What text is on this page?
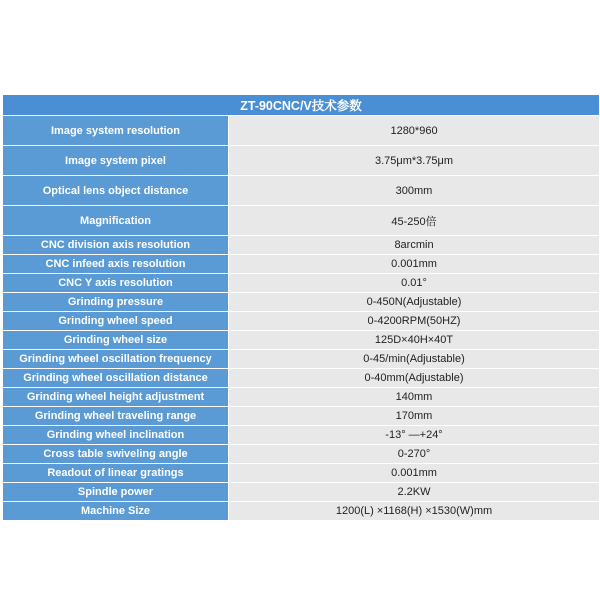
ZT-90CNC/V技术参数	
Image system resolution	1280*960
Image system pixel	3.75μm*3.75μm
Optical lens object distance	300mm
Magnification	45-250倍
CNC division axis resolution	8arcmin
CNC infeed axis resolution	0.001mm
CNC Y axis resolution	0.01°
Grinding pressure	0-450N(Adjustable)
Grinding wheel speed	0-4200RPM(50HZ)
Grinding wheel size	125D×40H×40T
Grinding wheel oscillation frequency	0-45/min(Adjustable)
Grinding wheel oscillation distance	0-40mm(Adjustable)
Grinding wheel height adjustment	140mm
Grinding wheel traveling range	170mm
Grinding wheel inclination	-13° —+24°
Cross table swiveling angle	0-270°
Readout of linear gratings	0.001mm
Spindle power	2.2KW
Machine Size	1200(L) ×1168(H) ×1530(W)mm
